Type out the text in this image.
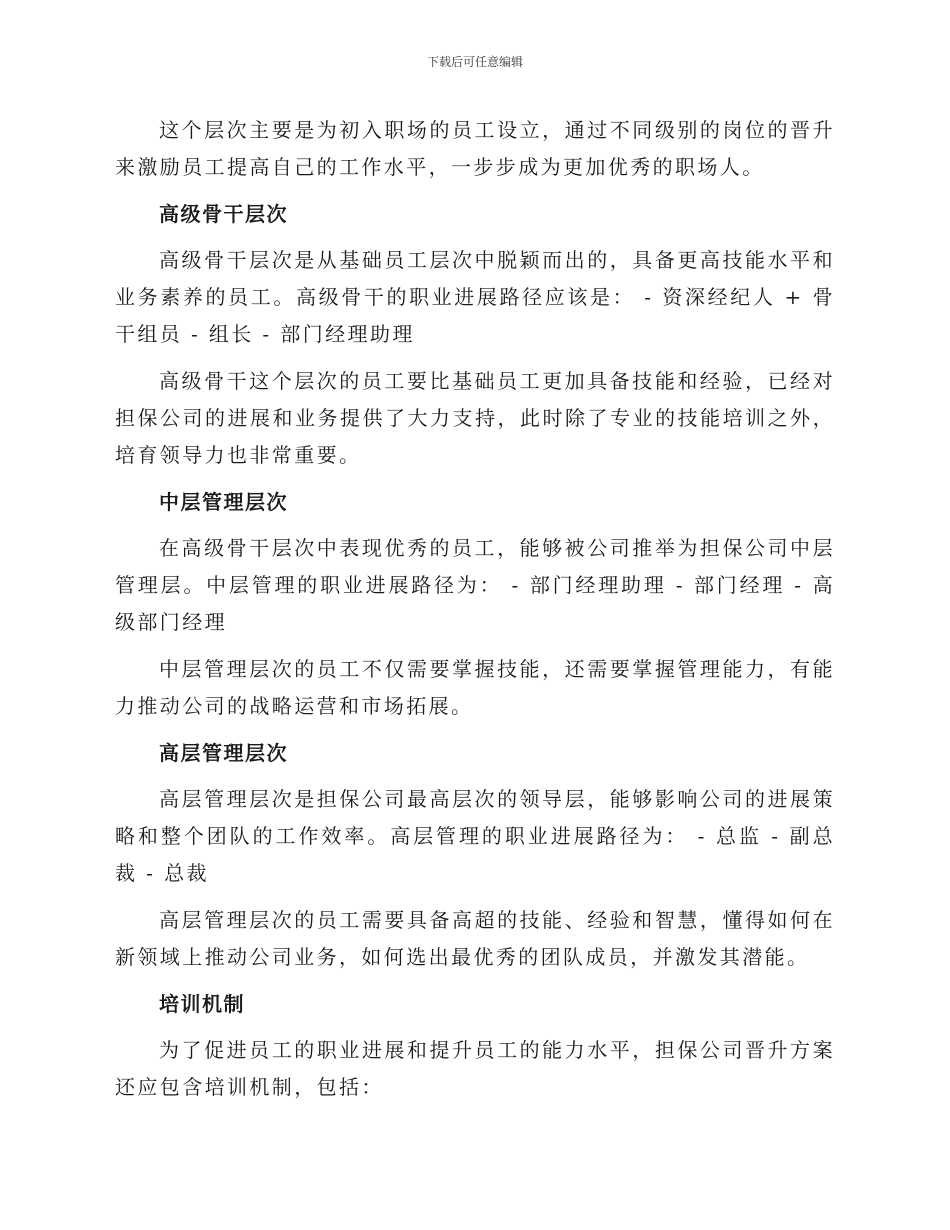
下载后可任意编辑

这个层次主要是为初入职场的员工设立，通过不同级别的岗位的晋升来激励员工提高自己的工作水平，一步步成为更加优秀的职场人。

高级骨干层次

高级骨干层次是从基础员工层次中脱颖而出的，具备更高技能水平和业务素养的员工。高级骨干的职业进展路径应该是： - 资深经纪人 + 骨干组员 - 组长 - 部门经理助理

高级骨干这个层次的员工要比基础员工更加具备技能和经验，已经对担保公司的进展和业务提供了大力支持，此时除了专业的技能培训之外，培育领导力也非常重要。

中层管理层次

在高级骨干层次中表现优秀的员工，能够被公司推举为担保公司中层管理层。中层管理的职业进展路径为： - 部门经理助理 - 部门经理 - 高级部门经理

中层管理层次的员工不仅需要掌握技能，还需要掌握管理能力，有能力推动公司的战略运营和市场拓展。

高层管理层次

高层管理层次是担保公司最高层次的领导层，能够影响公司的进展策略和整个团队的工作效率。高层管理的职业进展路径为： - 总监 - 副总裁 - 总裁

高层管理层次的员工需要具备高超的技能、经验和智慧，懂得如何在新领域上推动公司业务，如何选出最优秀的团队成员，并激发其潜能。

培训机制

为了促进员工的职业进展和提升员工的能力水平，担保公司晋升方案还应包含培训机制，包括：
